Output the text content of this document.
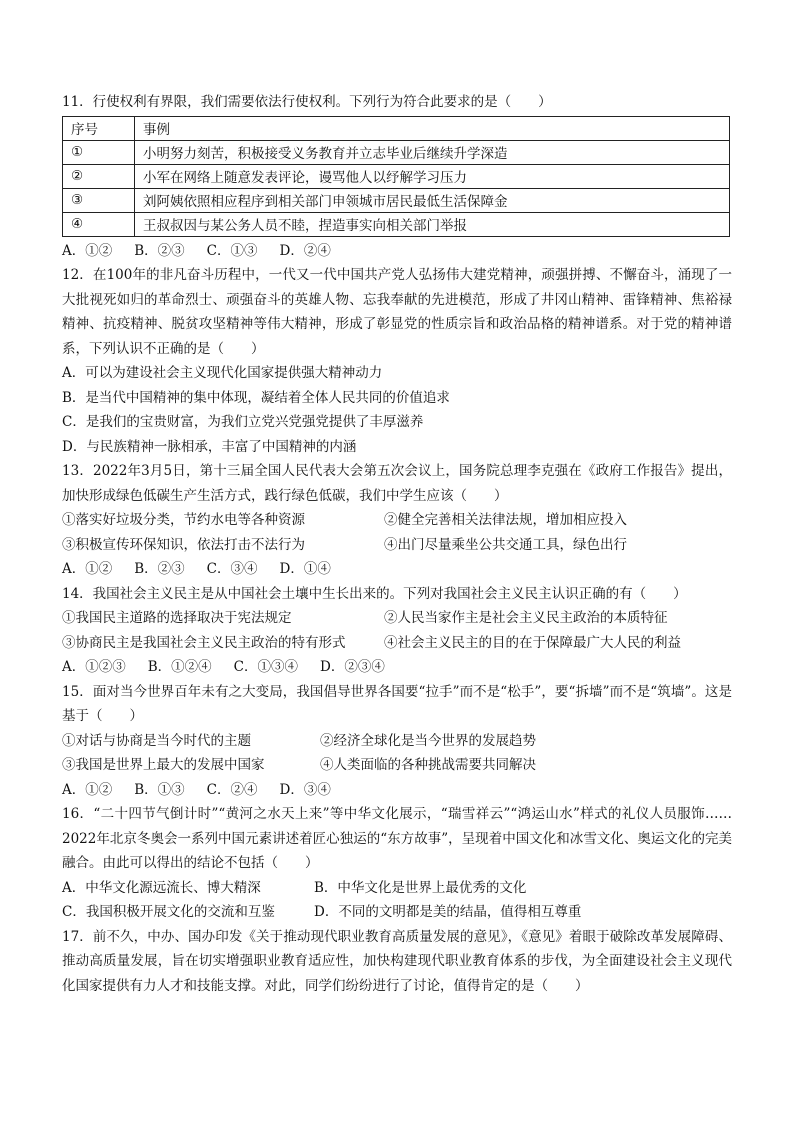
11．行使权利有界限，我们需要依法行使权利。下列行为符合此要求的是（　　）
序号	事例
①	小明努力刻苦，积极接受义务教育并立志毕业后继续升学深造
②	小军在网络上随意发表评论，谩骂他人以纾解学习压力
③	刘阿姨依照相应程序到相关部门申领城市居民最低生活保障金
④	王叔叔因与某公务人员不睦，捏造事实向相关部门举报
A．①② B．②③ C．①③ D．②④
12．在100年的非凡奋斗历程中，一代又一代中国共产党人弘扬伟大建党精神，顽强拼搏、不懈奋斗，涌现了一大批视死如归的革命烈士、顽强奋斗的英雄人物、忘我奉献的先进模范，形成了井冈山精神、雷锋精神、焦裕禄精神、抗疫精神、脱贫攻坚精神等伟大精神，形成了彰显党的性质宗旨和政治品格的精神谱系。对于党的精神谱系，下列认识不正确的是（　　）
A．可以为建设社会主义现代化国家提供强大精神动力
B．是当代中国精神的集中体现，凝结着全体人民共同的价值追求
C．是我们的宝贵财富，为我们立党兴党强党提供了丰厚滋养
D．与民族精神一脉相承，丰富了中国精神的内涵
13．2022年3月5日，第十三届全国人民代表大会第五次会议上，国务院总理李克强在《政府工作报告》提出，加快形成绿色低碳生产生活方式，践行绿色低碳，我们中学生应该（　　）
①落实好垃圾分类，节约水电等各种资源	②健全完善相关法律法规，增加相应投入
③积极宣传环保知识，依法打击不法行为	④出门尽量乘坐公共交通工具，绿色出行
A．①② B．②③ C．③④ D．①④
14．我国社会主义民主是从中国社会土壤中生长出来的。下列对我国社会主义民主认识正确的有（　　）
①我国民主道路的选择取决于宪法规定	②人民当家作主是社会主义民主政治的本质特征
③协商民主是我国社会主义民主政治的特有形式	④社会主义民主的目的在于保障最广大人民的利益
A．①②③ B．①②④ C．①③④ D．②③④
15．面对当今世界百年未有之大变局，我国倡导世界各国要“拉手”而不是“松手”，要“拆墙”而不是“筑墙”。这是基于（　　）
①对话与协商是当今时代的主题	②经济全球化是当今世界的发展趋势
③我国是世界上最大的发展中国家	④人类面临的各种挑战需要共同解决
A．①② B．①③ C．②④ D．③④
16．“二十四节气倒计时”“黄河之水天上来”等中华文化展示，“瑞雪祥云”“鸿运山水”样式的礼仪人员服饰……2022年北京冬奥会一系列中国元素讲述着匠心独运的“东方故事”，呈现着中国文化和冰雪文化、奥运文化的完美融合。由此可以得出的结论不包括（　　）
A．中华文化源远流长、博大精深	B．中华文化是世界上最优秀的文化
C．我国积极开展文化的交流和互鉴	D．不同的文明都是美的结晶，值得相互尊重
17．前不久，中办、国办印发《关于推动现代职业教育高质量发展的意见》，《意见》着眼于破除改革发展障碍、推动高质量发展，旨在切实增强职业教育适应性，加快构建现代职业教育体系的步伐，为全面建设社会主义现代化国家提供有力人才和技能支撑。对此，同学们纷纷进行了讨论，值得肯定的是（　　）
